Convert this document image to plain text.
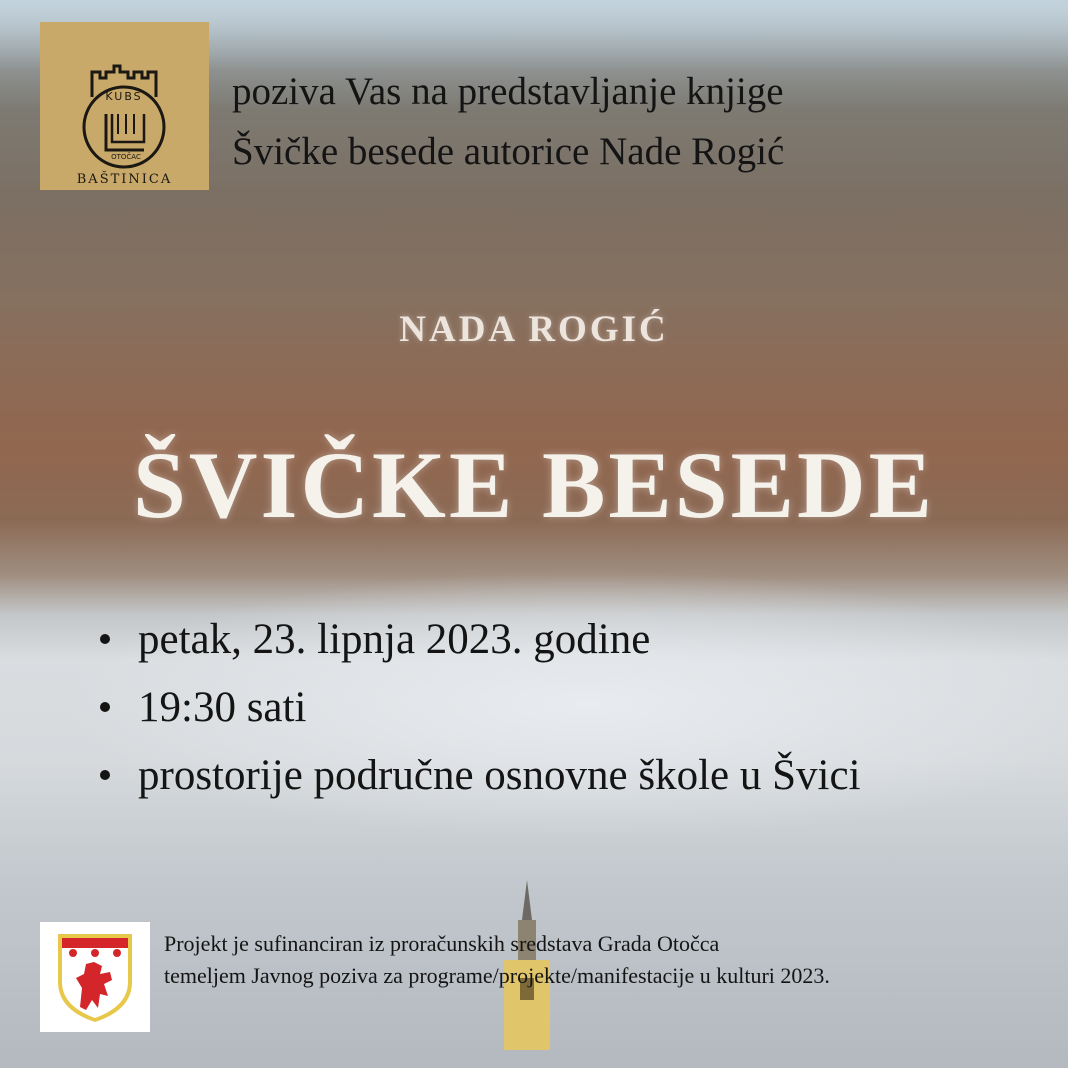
KUBS
OTOČAC
BAŠTINICA
poziva Vas na predstavljanje knjige
Švičke besede autorice Nade Rogić
NADA ROGIĆ
ŠVIČKE BESEDE
petak, 23. lipnja 2023. godine
19:30 sati
prostorije područne osnovne škole u Švici
Projekt je sufinanciran iz proračunskih sredstava Grada Otočca
temeljem Javnog poziva za programe/projekte/manifestacije u kulturi 2023.
